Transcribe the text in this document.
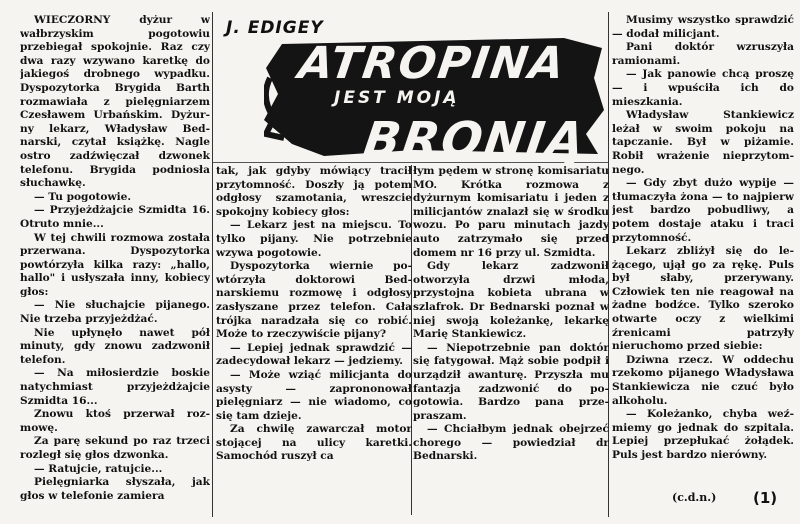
J. EDIGEY
ATROPINA
JEST MOJĄ
BRONIĄ

WIECZORNY dyżur w wałbrzyskim pogotowiu przebiegał spokojnie. Raz czy dwa razy wzywano karetkę do jakiegoś drobnego wypadku. Dyspozytorka Brygida Barth rozmawiała z pielęgniarzem Czesławem Urbańskim. Dyżurny lekarz, Władysław Bednarski, czytał książkę. Nagle ostro zadźwięczał dzwonek telefonu. Brygida podniosła słuchawkę.

— Tu pogotowie.

— Przyjeżdżajcie Szmidta 16. Otruto mnie...

W tej chwili rozmowa została przerwana. Dyspozytorka powtórzyła kilka razy: „hallo, hallo" i usłyszała inny, kobiecy głos:

— Nie słuchajcie pijanego. Nie trzeba przyjeżdżać.

Nie upłynęło nawet pół minuty, gdy znowu zadzwonił telefon.

— Na miłosierdzie boskie natychmiast przyjeżdżajcie Szmidta 16...

Znowu ktoś przerwał rozmowę.

Za parę sekund po raz trzeci rozległ się głos dzwonka.

— Ratujcie, ratujcie...

Pielęgniarka słyszała, jak głos w telefonie zamiera

tak, jak gdyby mówiący tracił przytomność. Doszły ją potem odgłosy szamotania, wreszcie spokojny kobiecy głos:

— Lekarz jest na miejscu. To tylko pijany. Nie potrzebnie wzywa pogotowie.

Dyspozytorka wiernie powtórzyła doktorowi Bednarskiemu rozmowę i odgłosy zasłyszane przez telefon. Cała trójka naradzała się co robić. Może to rzeczywiście pijany?

— Lepiej jednak sprawdzić — zadecydował lekarz — jedziemy.

— Może wziąć milicjanta do asysty — zaprononował pielęgniarz — nie wiadomo, co się tam dzieje.

Za chwilę zawarczał motor stojącej na ulicy karetki. Samochód ruszył ca

łym pędem w stronę komisariatu MO. Krótka rozmowa z dyżurnym komisariatu i jeden z milicjantów znalazł się w środku wozu. Po paru minutach jazdy auto zatrzymało się przed domem nr 16 przy ul. Szmidta.

Gdy lekarz zadzwonił otworzyła drzwi młoda, przystojna kobieta ubrana w szlafrok. Dr Bednarski poznał w niej swoją koleżankę, lekarkę Marię Stankiewicz.

— Niepotrzebnie pan doktór się fatygował. Mąż sobie podpił i urządził awanturę. Przyszła mu fantazja zadzwonić do pogotowia. Bardzo pana przepraszam.

— Chciałbym jednak obejrzeć chorego — powiedział dr Bednarski.

Musimy wszystko sprawdzić — dodał milicjant.

Pani doktór wzruszyła ramionami.

— Jak panowie chcą proszę — i wpuściła ich do mieszkania.

Władysław Stankiewicz leżał w swoim pokoju na tapczanie. Był w piżamie. Robił wrażenie nieprzytomnego.

— Gdy zbyt dużo wypije — tłumaczyła żona — to najpierw jest bardzo pobudliwy, a potem dostaje ataku i traci przytomność.

Lekarz zbliżył się do leżącego, ujął go za rękę. Puls był słaby, przerywany. Człowiek ten nie reagował na żadne bodźce. Tylko szeroko otwarte oczy z wielkimi źrenicami patrzyły nieruchomo przed siebie:

Dziwna rzecz. W oddechu rzekomo pijanego Władysława Stankiewicza nie czuć było alkoholu.

— Koleżanko, chyba weźmiemy go jednak do szpitala. Lepiej przepłukać żołądek. Puls jest bardzo nierówny.

(c.d.n.) (1)
